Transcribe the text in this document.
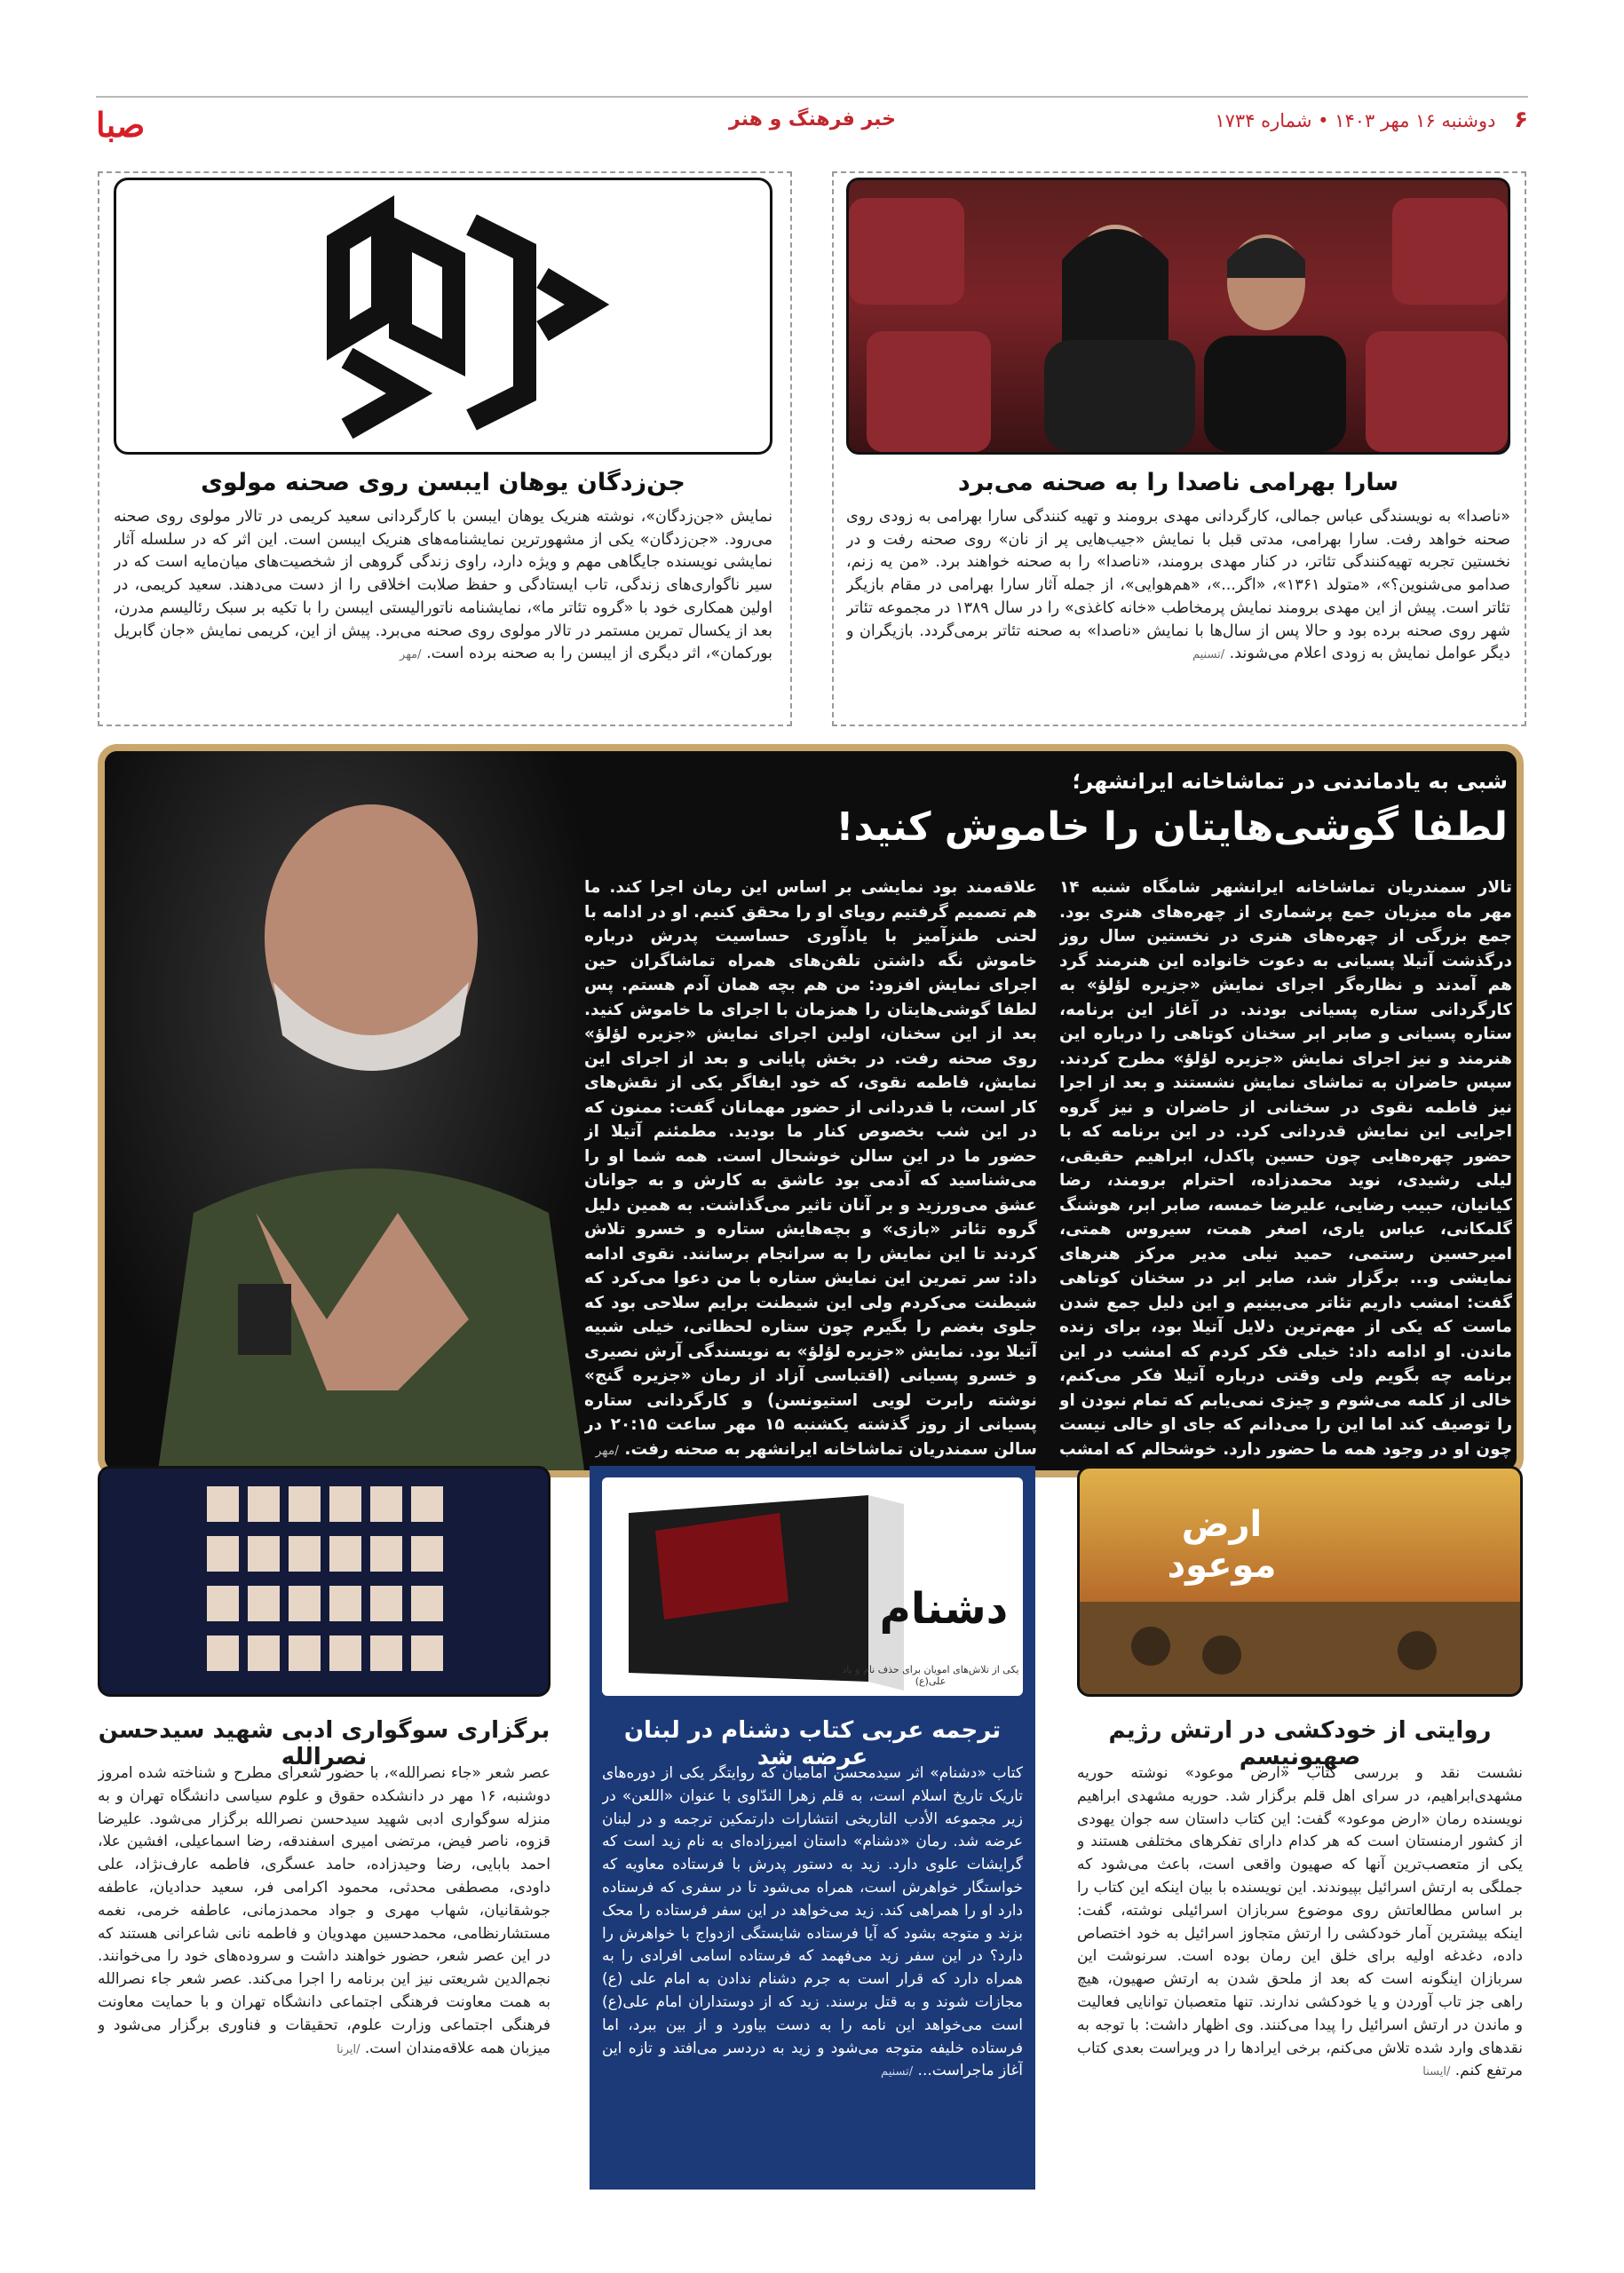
صبا	خبر فرهنگ و هنر	۶ دوشنبه ۱۶ مهر ۱۴۰۳ • شماره ۱۷۳۴
جن‌زدگان یوهان ایبسن روی صحنه مولوی
نمایش «جن‌زدگان»، نوشته هنریک یوهان ایبسن با کارگردانی سعید کریمی در تالار مولوی روی صحنه می‌رود. «جن‌زدگان» یکی از مشهورترین نمایشنامه‌های هنریک ایبسن است. این اثر که در سلسله آثار نمایشی نویسنده جایگاهی مهم و ویژه دارد، راوی زندگی گروهی از شخصیت‌های میان‌مایه است که در سیر ناگواری‌های زندگی، تاب ایستادگی و حفظ صلابت اخلاقی را از دست می‌دهند. سعید کریمی، در اولین همکاری خود با «گروه تئاتر ما»، نمایشنامه ناتورالیستی ایبسن را با تکیه بر سبک رئالیسم مدرن، بعد از یکسال تمرین مستمر در تالار مولوی روی صحنه می‌برد. پیش از این، کریمی نمایش «جان گابریل بورکمان»، اثر دیگری از ایبسن را به صحنه برده است. /مهر
سارا بهرامی ناصدا را به صحنه می‌برد
«ناصدا» به نویسندگی عباس جمالی، کارگردانی مهدی برومند و تهیه کنندگی سارا بهرامی به زودی روی صحنه خواهد رفت. سارا بهرامی، مدتی قبل با نمایش «جیب‌هایی پر از نان» روی صحنه رفت و در نخستین تجربه تهیه‌کنندگی تئاتر، در کنار مهدی برومند، «ناصدا» را به صحنه خواهند برد. «من یه زنم، صدامو می‌شنوین؟»، «متولد ۱۳۶۱»، «اگر...»، «هم‌هوایی»، از جمله آثار سارا بهرامی در مقام بازیگر تئاتر است. پیش از این مهدی برومند نمایش پرمخاطب «خانه کاغذی» را در سال ۱۳۸۹ در مجموعه تئاتر شهر روی صحنه برده بود و حالا پس از سال‌ها با نمایش «ناصدا» به صحنه تئاتر برمی‌گردد. بازیگران و دیگر عوامل نمایش به زودی اعلام می‌شوند. /تسنیم
شبی به یادماندنی در تماشاخانه ایرانشهر؛
لطفا گوشی‌هایتان را خاموش کنید!
تالار سمندریان تماشاخانه ایرانشهر شامگاه شنبه ۱۴ مهر ماه میزبان جمع پرشماری از چهره‌های هنری بود. جمع بزرگی از چهره‌های هنری در نخستین سال روز درگذشت آتیلا پسیانی به دعوت خانواده این هنرمند گرد هم آمدند و نظاره‌گر اجرای نمایش «جزیره لؤلؤ» به کارگردانی ستاره پسیانی بودند. در آغاز این برنامه، ستاره پسیانی و صابر ابر سخنان کوتاهی را درباره این هنرمند و نیز اجرای نمایش «جزیره لؤلؤ» مطرح کردند. سپس حاضران به تماشای نمایش نشستند و بعد از اجرا نیز فاطمه نقوی در سخنانی از حاضران و نیز گروه اجرایی این نمایش قدردانی کرد. در این برنامه که با حضور چهره‌هایی چون حسین پاکدل، ابراهیم حقیقی، لیلی رشیدی، نوید محمدزاده، احترام برومند، رضا کیانیان، حبیب رضایی، علیرضا خمسه، صابر ابر، هوشنگ گلمکانی، عباس یاری، اصغر همت، سیروس همتی، امیرحسین رستمی، حمید نیلی مدیر مرکز هنرهای نمایشی و... برگزار شد، صابر ابر در سخنان کوتاهی گفت: امشب داریم تئاتر می‌بینیم و این دلیل جمع شدن ماست که یکی از مهم‌ترین دلایل آتیلا بود، برای زنده ماندن. او ادامه داد: خیلی فکر کردم که امشب در این برنامه چه بگویم ولی وقتی درباره آتیلا فکر می‌کنم، خالی از کلمه می‌شوم و چیزی نمی‌یابم که تمام نبودن او را توصیف کند اما این را می‌دانم که جای او خالی نیست چون او در وجود همه ما حضور دارد. خوشحالم که امشب
علاقه‌مند بود نمایشی بر اساس این رمان اجرا کند. ما هم تصمیم گرفتیم رویای او را محقق کنیم. او در ادامه با لحنی طنزآمیز با یادآوری حساسیت پدرش درباره خاموش نگه داشتن تلفن‌های همراه تماشاگران حین اجرای نمایش افزود: من هم بچه همان آدم هستم. پس لطفا گوشی‌هایتان را همزمان با اجرای ما خاموش کنید. بعد از این سخنان، اولین اجرای نمایش «جزیره لؤلؤ» روی صحنه رفت. در بخش پایانی و بعد از اجرای این نمایش، فاطمه نقوی، که خود ایفاگر یکی از نقش‌های کار است، با قدردانی از حضور مهمانان گفت: ممنون که در این شب بخصوص کنار ما بودید. مطمئنم آتیلا از حضور ما در این سالن خوشحال است. همه شما او را می‌شناسید که آدمی بود عاشق به کارش و به جوانان عشق می‌ورزید و بر آنان تاثیر می‌گذاشت. به همین دلیل گروه تئاتر «بازی» و بچه‌هایش ستاره و خسرو تلاش کردند تا این نمایش را به سرانجام برسانند. نقوی ادامه داد: سر تمرین این نمایش ستاره با من دعوا می‌کرد که شیطنت می‌کردم ولی این شیطنت برایم سلاحی بود که جلوی بغضم را بگیرم چون ستاره لحظاتی، خیلی شبیه آتیلا بود. نمایش «جزیره لؤلؤ» به نویسندگی آرش نصیری و خسرو پسیانی (اقتباسی آزاد از رمان «جزیره گنج» نوشته رابرت لویی استیونسن) و کارگردانی ستاره پسیانی از روز گذشته یکشنبه ۱۵ مهر ساعت ۲۰:۱۵ در سالن سمندریان تماشاخانه ایرانشهر به صحنه رفت. /مهر
ارض موعود
روایتی از خودکشی در ارتش رژیم صهیونیسم
نشست نقد و بررسی کتاب «ارض موعود» نوشته حوریه مشهدی‌ابراهیم، در سرای اهل قلم برگزار شد. حوریه مشهدی ابراهیم نویسنده رمان «ارض موعود» گفت: این کتاب داستان سه جوان یهودی از کشور ارمنستان است که هر کدام دارای تفکرهای مختلفی هستند و یکی از متعصب‌ترین آنها که صهیون واقعی است، باعث می‌شود که جملگی به ارتش اسرائیل بپیوندند. این نویسنده با بیان اینکه این کتاب را بر اساس مطالعاتش روی موضوع سربازان اسرائیلی نوشته، گفت: اینکه بیشترین آمار خودکشی را ارتش متجاوز اسرائیل به خود اختصاص داده، دغدغه اولیه برای خلق این رمان بوده است. سرنوشت این سربازان اینگونه است که بعد از ملحق شدن به ارتش صهیون، هیچ راهی جز تاب آوردن و یا خودکشی ندارند. تنها متعصبان توانایی فعالیت و ماندن در ارتش اسرائیل را پیدا می‌کنند. وی اظهار داشت: با توجه به نقدهای وارد شده تلاش می‌کنم، برخی ایرادها را در ویراست بعدی کتاب مرتفع کنم. /ایسنا
دشنام
یکی از تلاش‌های امویان برای حذف نام و یاد علی(ع)
ترجمه عربی کتاب دشنام در لبنان عرضه شد
کتاب «دشنام» اثر سیدمحسن امامیان که روایتگر یکی از دوره‌های تاریک تاریخ اسلام است، به قلم زهرا الندّاوی با عنوان «اللعن» در زیر مجموعه الأدب التاریخی انتشارات دارتمکین ترجمه و در لبنان عرضه شد. رمان «دشنام» داستان امیرزاده‌ای به نام زید است که گرایشات علوی دارد. زید به دستور پدرش با فرستاده معاویه که خواستگار خواهرش است، همراه می‌شود تا در سفری که فرستاده دارد او را همراهی کند. زید می‌خواهد در این سفر فرستاده را محک بزند و متوجه بشود که آیا فرستاده شایستگی ازدواج با خواهرش را دارد؟ در این سفر زید می‌فهمد که فرستاده اسامی افرادی را به همراه دارد که قرار است به جرم دشنام ندادن به امام علی (ع) مجازات شوند و به قتل برسند. زید که از دوستداران امام علی(ع) است می‌خواهد این نامه را به دست بیاورد و از بین ببرد، اما فرستاده خلیفه متوجه می‌شود و زید به دردسر می‌افتد و تازه این آغاز ماجراست... /تسنیم
برگزاری سوگواری ادبی شهید سیدحسن نصرالله
عصر شعر «جاء نصرالله»، با حضور شعرای مطرح و شناخته شده امروز دوشنبه، ۱۶ مهر در دانشکده حقوق و علوم سیاسی دانشگاه تهران و به منزله سوگواری ادبی شهید سیدحسن نصرالله برگزار می‌شود. علیرضا قزوه، ناصر فیض، مرتضی امیری اسفندقه، رضا اسماعیلی، افشین علا، احمد بابایی، رضا وحیدزاده، حامد عسگری، فاطمه عارف‌نژاد، علی داودی، مصطفی محدثی، محمود اکرامی فر، سعید حدادیان، عاطفه جوشقانیان، شهاب مهری و جواد محمدزمانی، عاطفه خرمی، نغمه مستشارنظامی، محمدحسین مهدویان و فاطمه نانی شاعرانی هستند که در این عصر شعر، حضور خواهند داشت و سروده‌های خود را می‌خوانند. نجم‌الدین شریعتی نیز این برنامه را اجرا می‌کند. عصر شعر جاء نصرالله به همت معاونت فرهنگی اجتماعی دانشگاه تهران و با حمایت معاونت فرهنگی اجتماعی وزارت علوم، تحقیقات و فناوری برگزار می‌شود و میزبان همه علاقه‌مندان است. /ایرنا
